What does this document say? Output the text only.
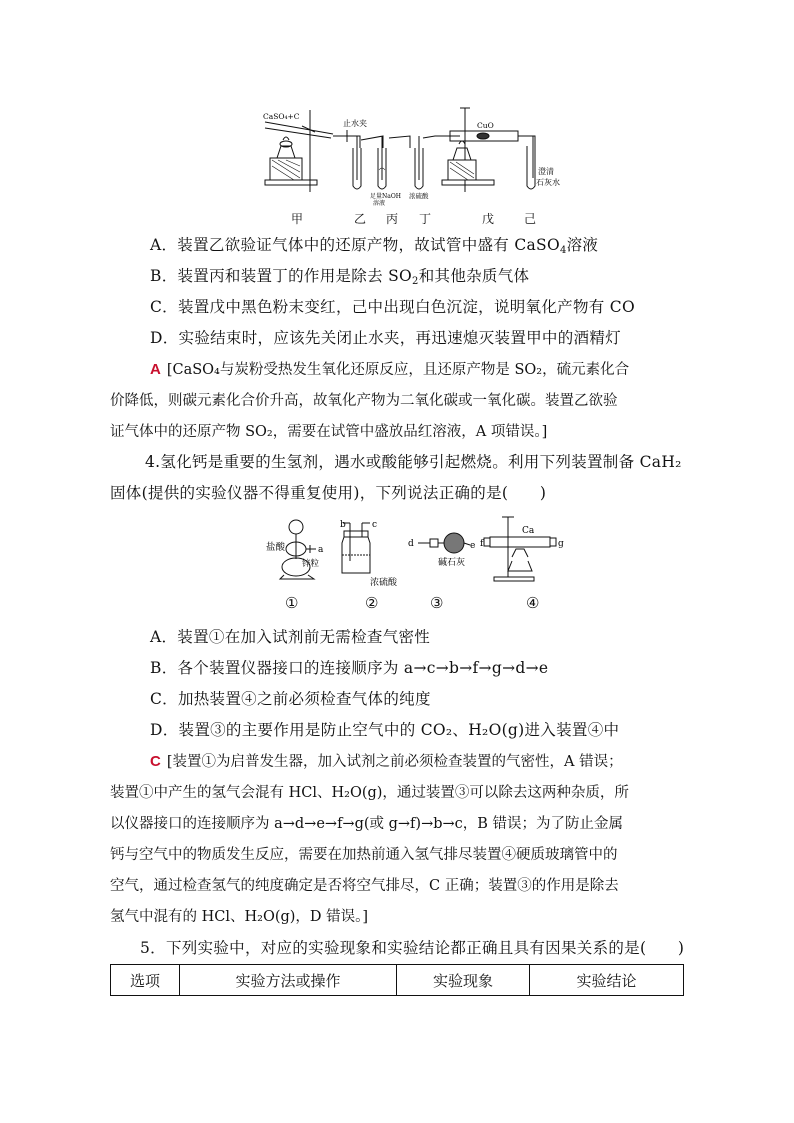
CaSO₄+C
止水夹	CuO
足量NaOH
溶液
浓硫酸
澄清
石灰水
甲	乙 丙 丁	戊 己
A．装置乙欲验证气体中的还原产物，故试管中盛有 CaSO$_4$溶液
B．装置丙和装置丁的作用是除去 $SO_2$和其他杂质气体
C．装置戊中黑色粉末变红，己中出现白色沉淀，说明氧化产物有 CO
D．实验结束时，应该先关闭止水夹，再迅速熄灭装置甲中的酒精灯
A [CaSO₄与炭粉受热发生氧化还原反应，且还原产物是 SO₂，硫元素化合
价降低，则碳元素化合价升高，故氧化产物为二氧化碳或一氧化碳。装置乙欲验
证气体中的还原产物 SO₂，需要在试管中盛放品红溶液，A 项错误。]
4.氢化钙是重要的生氢剂，遇水或酸能够引起燃烧。利用下列装置制备 CaH₂
固体(提供的实验仪器不得重复使用)，下列说法正确的是(　　)
盐酸
锌粒
a
b	c
浓硫酸
d	e
碱石灰
f
Ca
g
①	②	③	④
A．装置①在加入试剂前无需检查气密性
B．各个装置仪器接口的连接顺序为 a→c→b→f→g→d→e
C．加热装置④之前必须检查气体的纯度
D．装置③的主要作用是防止空气中的 CO₂、H₂O(g)进入装置④中
C [装置①为启普发生器，加入试剂之前必须检查装置的气密性，A 错误；
装置①中产生的氢气会混有 HCl、H₂O(g)，通过装置③可以除去这两种杂质，所
以仪器接口的连接顺序为 a→d→e→f→g(或 g→f)→b→c，B 错误；为了防止金属
钙与空气中的物质发生反应，需要在加热前通入氢气排尽装置④硬质玻璃管中的
空气，通过检查氢气的纯度确定是否将空气排尽，C 正确；装置③的作用是除去
氢气中混有的 HCl、H₂O(g)，D 错误。]
5．下列实验中，对应的实验现象和实验结论都正确且具有因果关系的是(　　)
选项	实验方法或操作	实验现象	实验结论
